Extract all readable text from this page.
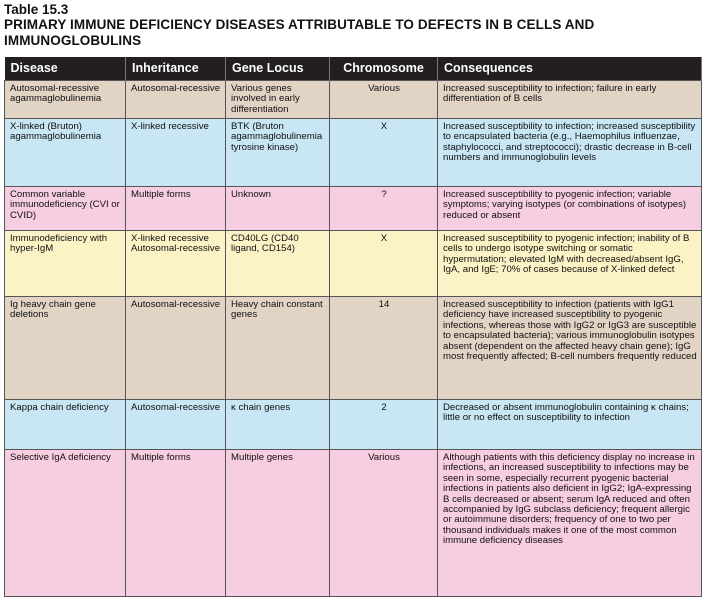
Table 15.3
PRIMARY IMMUNE DEFICIENCY DISEASES ATTRIBUTABLE TO DEFECTS IN B CELLS AND IMMUNOGLOBULINS
Disease	Inheritance	Gene Locus	Chromosome	Consequences
Autosomal-recessive agammaglobulinemia	Autosomal-recessive	Various genes involved in early differentiation	Various	Increased susceptibility to infection; failure in early differentiation of B cells
X-linked (Bruton) agammaglobulinemia	X-linked recessive	BTK (Bruton agammaglobulinemia tyrosine kinase)	X	Increased susceptibility to infection; increased susceptibility to encapsulated bacteria (e.g., Haemophilus influenzae, staphylococci, and streptococci); drastic decrease in B-cell numbers and immunoglobulin levels
Common variable immunodeficiency (CVI or CVID)	Multiple forms	Unknown	?	Increased susceptibility to pyogenic infection; variable symptoms; varying isotypes (or combinations of isotypes) reduced or absent
Immunodeficiency with hyper-IgM	X-linked recessive Autosomal-recessive	CD40LG (CD40 ligand, CD154)	X	Increased susceptibility to pyogenic infection; inability of B cells to undergo isotype switching or somatic hypermutation; elevated IgM with decreased/absent IgG, IgA, and IgE; 70% of cases because of X-linked defect
Ig heavy chain gene deletions	Autosomal-recessive	Heavy chain constant genes	14	Increased susceptibility to infection (patients with IgG1 deficiency have increased susceptibility to pyogenic infections, whereas those with IgG2 or IgG3 are susceptible to encapsulated bacteria); various immunoglobulin isotypes absent (dependent on the affected heavy chain gene); IgG most frequently affected; B-cell numbers frequently reduced
Kappa chain deficiency	Autosomal-recessive	κ chain genes	2	Decreased or absent immunoglobulin containing κ chains; little or no effect on susceptibility to infection
Selective IgA deficiency	Multiple forms	Multiple genes	Various	Although patients with this deficiency display no increase in infections, an increased susceptibility to infections may be seen in some, especially recurrent pyogenic bacterial infections in patients also deficient in IgG2; IgA-expressing B cells decreased or absent; serum IgA reduced and often accompanied by IgG subclass deficiency; frequent allergic or autoimmune disorders; frequency of one to two per thousand individuals makes it one of the most common immune deficiency diseases
